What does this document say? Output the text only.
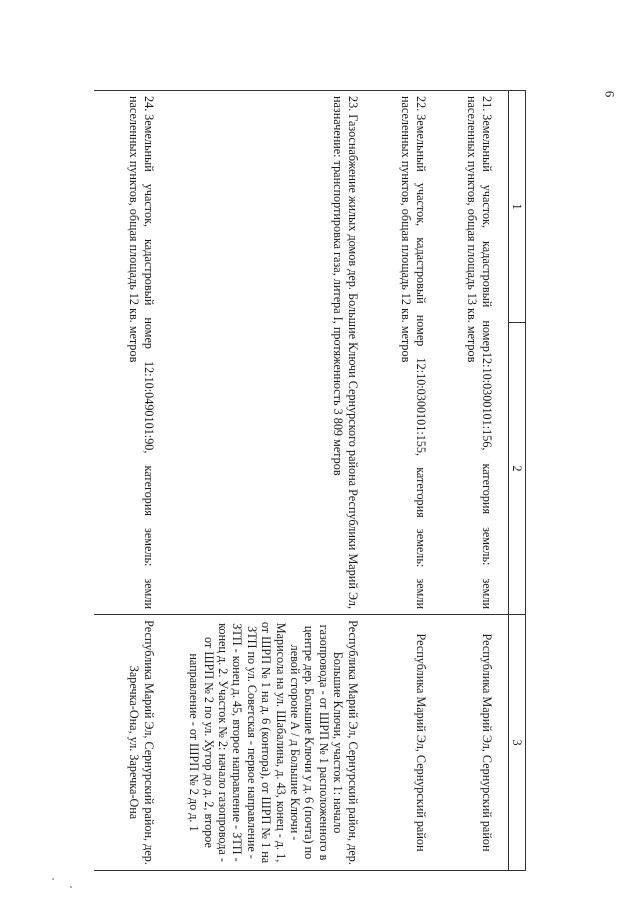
6
1	2	3

21.Земельный участок, кадастровый номер12:10:0300101:156, категория земель: земли населенных пунктов, общая площадь 13 кв. метров		Республика Марий Эл, Сернурский район

22.Земельный участок, кадастровый номер 12:10:0300101:155, категория земель: земли населенных пунктов, общая площадь 12 кв. метров		Республика Марий Эл, Сернурский район

23.Газоснабжение жилых домов дер. Большие Ключи Сернурского района Республики Марий Эл, назначение: транспортировка газа, литера I, протяженность 3 809 метров		Республика Марий Эл, Сернурский район, дер. Большие Ключи, участок 1: начало газопровода - от ШРП № 1 расположенного в центре дер. Большие Ключи у д. 6 (почта) по левой стороне А / д Большие Ключи - Марисола на ул. Шабалина, д. 43, конец - д. 1, от ШРП № 1 на д. 6 (контора), от ШРП № 1 на ЗТП по ул. Советская - первое направление - ЗТП - конец д. 45, второе направление - ЗТП - конец д. 2. Участок № 2: начало газопровода - от ШРП № 2 по ул. Хутор до д. 2, второе направление - от ШРП № 2 до д. 1

24.Земельный участок, кадастровый номер 12:10:0490101:90, категория земель: земли населенных пунктов, общая площадь 12 кв. метров		Республика Марий Эл, Сернурский район, дер. Заречка-Она, ул. Заречка-Она
